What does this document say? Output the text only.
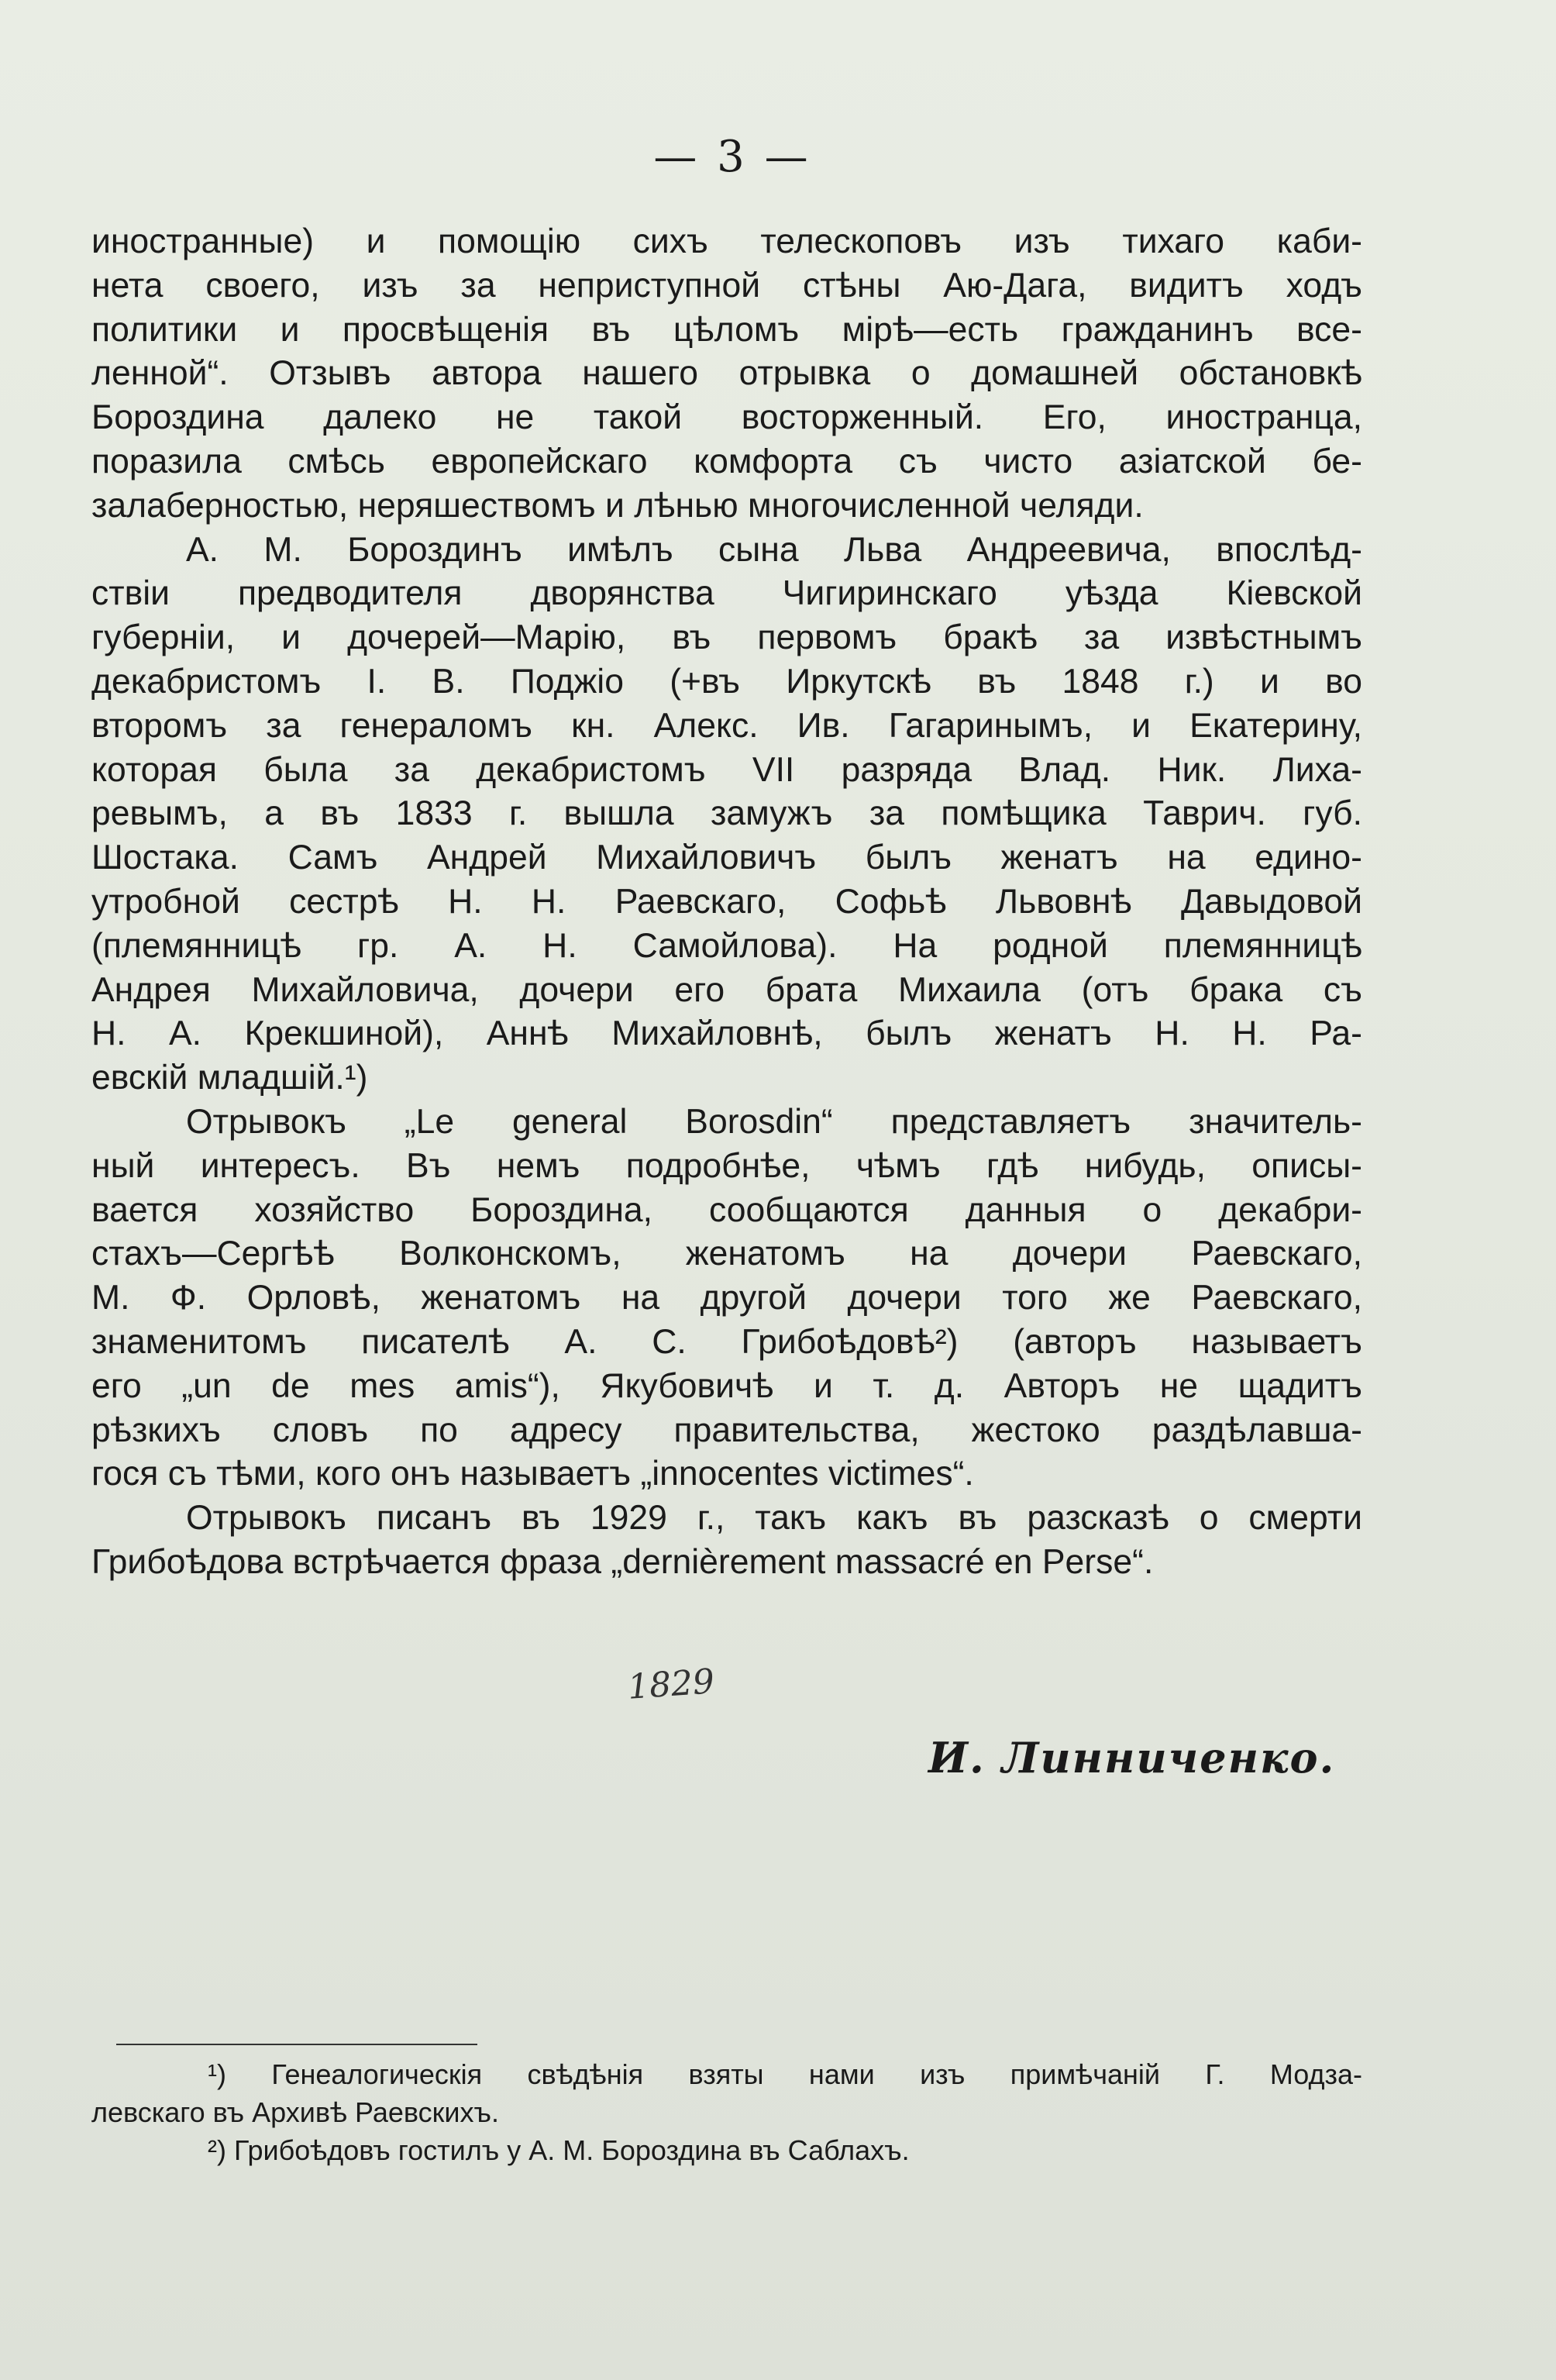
— 3 —
иностранные) и помощію сихъ телескоповъ изъ тихаго каби-
нета своего, изъ за неприступной стѣны Аю-Дага, видитъ ходъ
политики и просвѣщенія въ цѣломъ мірѣ—есть гражданинъ все-
ленной“. Отзывъ автора нашего отрывка о домашней обстановкѣ
Бороздина далеко не такой восторженный. Его, иностранца,
поразила смѣсь европейскаго комфорта съ чисто азіатской бе-
залаберностью, неряшествомъ и лѣнью многочисленной челяди.
А. М. Бороздинъ имѣлъ сына Льва Андреевича, впослѣд-
ствіи предводителя дворянства Чигиринскаго уѣзда Кіевской
губерніи, и дочерей—Марію, въ первомъ бракѣ за извѣстнымъ
декабристомъ І. В. Поджіо (+въ Иркутскѣ въ 1848 г.) и во
второмъ за генераломъ кн. Алекс. Ив. Гагаринымъ, и Екатерину,
которая была за декабристомъ VII разряда Влад. Ник. Лиха-
ревымъ, а въ 1833 г. вышла замужъ за помѣщика Таврич. губ.
Шостака. Самъ Андрей Михайловичъ былъ женатъ на едино-
утробной сестрѣ Н. Н. Раевскаго, Софьѣ Львовнѣ Давыдовой
(племянницѣ гр. А. Н. Самойлова). На родной племянницѣ
Андрея Михайловича, дочери его брата Михаила (отъ брака съ
Н. А. Крекшиной), Аннѣ Михайловнѣ, былъ женатъ Н. Н. Ра-
евскій младшій.¹)
Отрывокъ „Le general Borosdin“ представляетъ значитель-
ный интересъ. Въ немъ подробнѣе, чѣмъ гдѣ нибудь, описы-
вается хозяйство Бороздина, сообщаются данныя о декабри-
стахъ—Сергѣѣ Волконскомъ, женатомъ на дочери Раевскаго,
М. Ф. Орловѣ, женатомъ на другой дочери того же Раевскаго,
знаменитомъ писателѣ А. С. Грибоѣдовѣ²) (авторъ называетъ
его „un de mes amis“), Якубовичѣ и т. д. Авторъ не щадитъ
рѣзкихъ словъ по адресу правительства, жестоко раздѣлавша-
гося съ тѣми, кого онъ называетъ „innocentes victimes“.
Отрывокъ писанъ въ 1929 г., такъ какъ въ разсказѣ о смерти
Грибоѣдова встрѣчается фраза „dernièrement massacré en Perse“.
1829
И. Линниченко.
¹) Генеалогическія свѣдѣнія взяты нами изъ примѣчаній Г. Модза-
левскаго въ Архивѣ Раевскихъ.
²) Грибоѣдовъ гостилъ у А. М. Бороздина въ Саблахъ.
